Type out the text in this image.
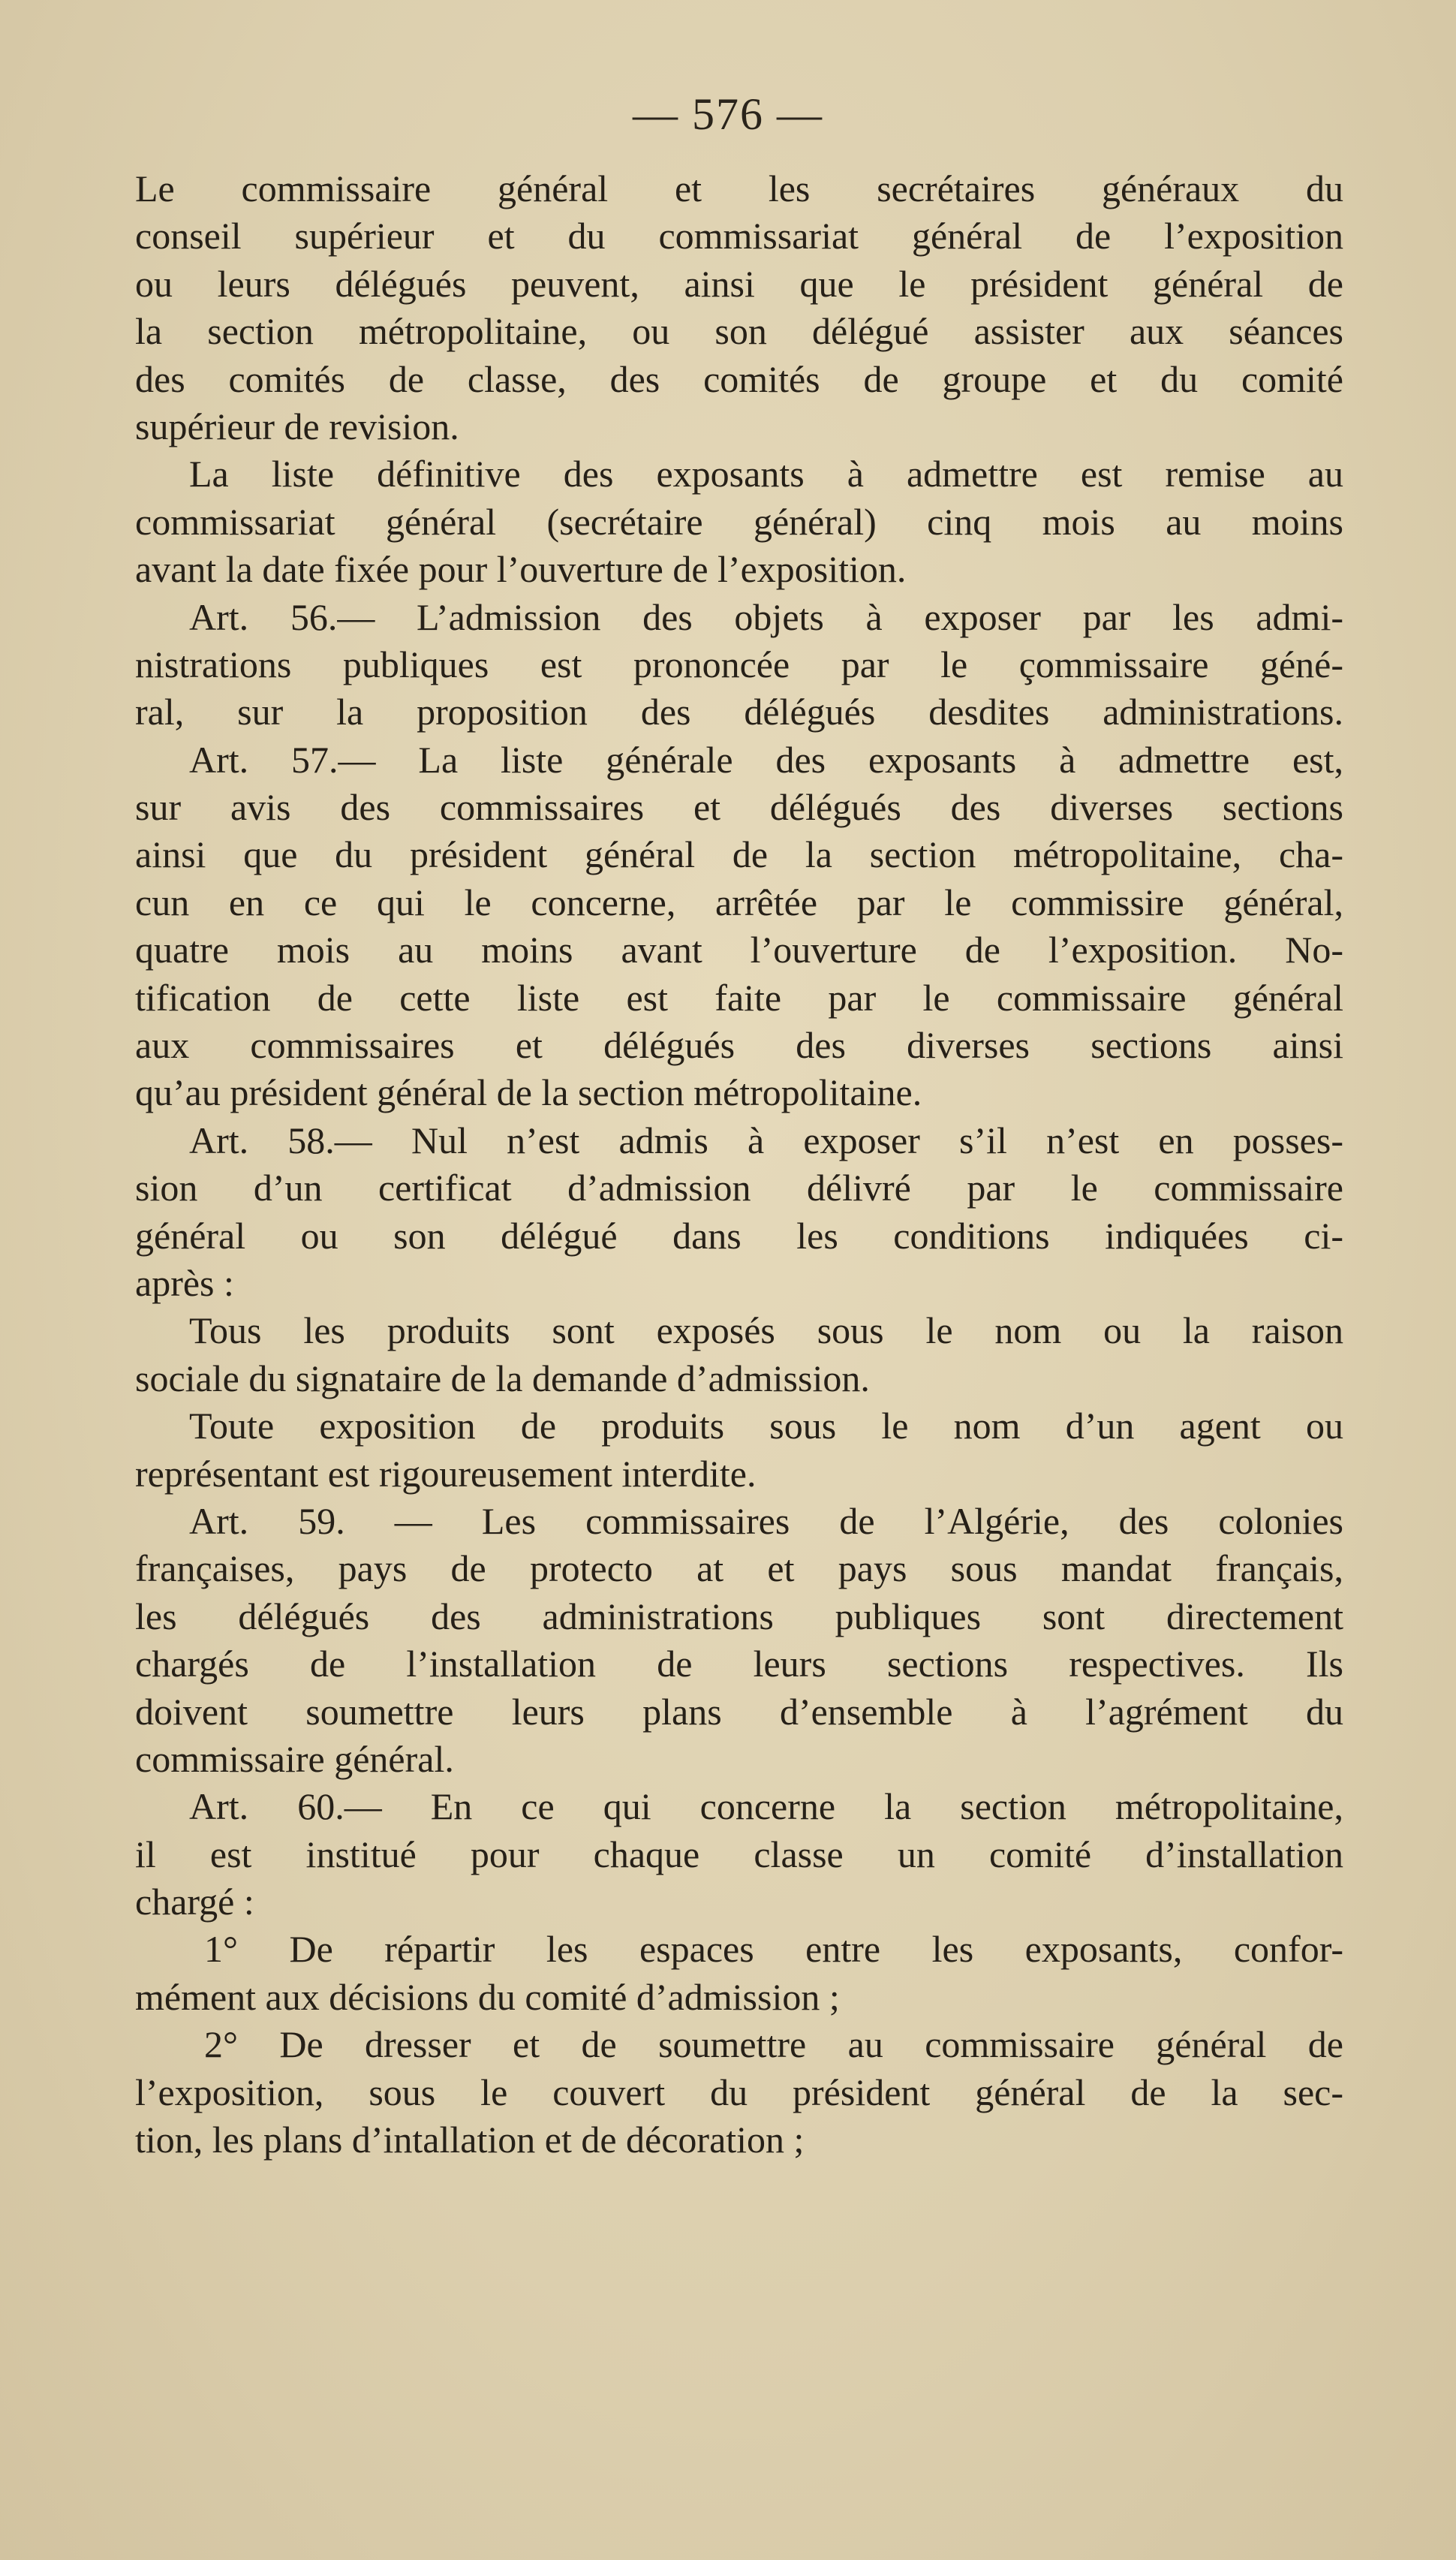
— 576 —
Le commissaire général et les secrétaires généraux du
conseil supérieur et du commissariat général de l’exposition
ou leurs délégués peuvent, ainsi que le président général de
la section métropolitaine, ou son délégué assister aux séances
des comités de classe, des comités de groupe et du comité
supérieur de revision.
La liste définitive des exposants à admettre est remise au
commissariat général (secrétaire général) cinq mois au moins
avant la date fixée pour l’ouverture de l’exposition.
Art. 56.— L’admission des objets à exposer par les admi-
nistrations publiques est prononcée par le çommissaire géné-
ral, sur la proposition des délégués desdites administrations.
Art. 57.— La liste générale des exposants à admettre est,
sur avis des commissaires et délégués des diverses sections
ainsi que du président général de la section métropolitaine, cha-
cun en ce qui le concerne, arrêtée par le commissire général,
quatre mois au moins avant l’ouverture de l’exposition. No-
tification de cette liste est faite par le commissaire général
aux commissaires et délégués des diverses sections ainsi
qu’au président général de la section métropolitaine.
Art. 58.— Nul n’est admis à exposer s’il n’est en posses-
sion d’un certificat d’admission délivré par le commissaire
général ou son délégué dans les conditions indiquées ci-
après :
Tous les produits sont exposés sous le nom ou la raison
sociale du signataire de la demande d’admission.
Toute exposition de produits sous le nom d’un agent ou
représentant est rigoureusement interdite.
Art. 59. — Les commissaires de l’Algérie, des colonies
françaises, pays de protecto at et pays sous mandat français,
les délégués des administrations publiques sont directement
chargés de l’installation de leurs sections respectives. Ils
doivent soumettre leurs plans d’ensemble à l’agrément du
commissaire général.
Art. 60.— En ce qui concerne la section métropolitaine,
il est institué pour chaque classe un comité d’installation
chargé :
1° De répartir les espaces entre les exposants, confor-
mément aux décisions du comité d’admission ;
2° De dresser et de soumettre au commissaire général de
l’exposition, sous le couvert du président général de la sec-
tion, les plans d’intallation et de décoration ;
